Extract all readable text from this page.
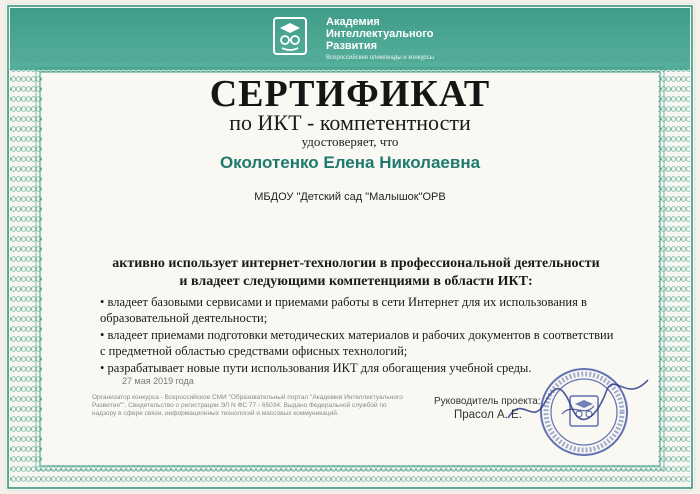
Академия
Интеллектуального
Развития
Всероссийские олимпиады и конкурсы
СЕРТИФИКАТ
по ИКТ - компетентности
удостоверяет, что
Околотенко Елена Николаевна
МБДОУ "Детский сад "Малышок"ОРВ
активно использует интернет-технологии в профессиональной деятельности
и владеет следующими компетенциями в области ИКТ:

• владеет базовыми сервисами и приемами работы в сети Интернет для их использования в образовательной деятельности;

• владеет приемами подготовки методических материалов и рабочих документов в соответствии с предметной областью средствами офисных технологий;

• разрабатывает новые пути использования ИКТ для обогащения учебной среды.

27 мая 2019 года
Организатор конкурса - Всероссийское СМИ "Образовательный портал "Академия Интеллектуального Развития"". Свидетельство о регистрации ЭЛ N ФС 77 - 65034. Выдано Федеральной службой по надзору в сфере связи, информационных технологий и массовых коммуникаций.
Руководитель проекта:
Прасол А. Е.
